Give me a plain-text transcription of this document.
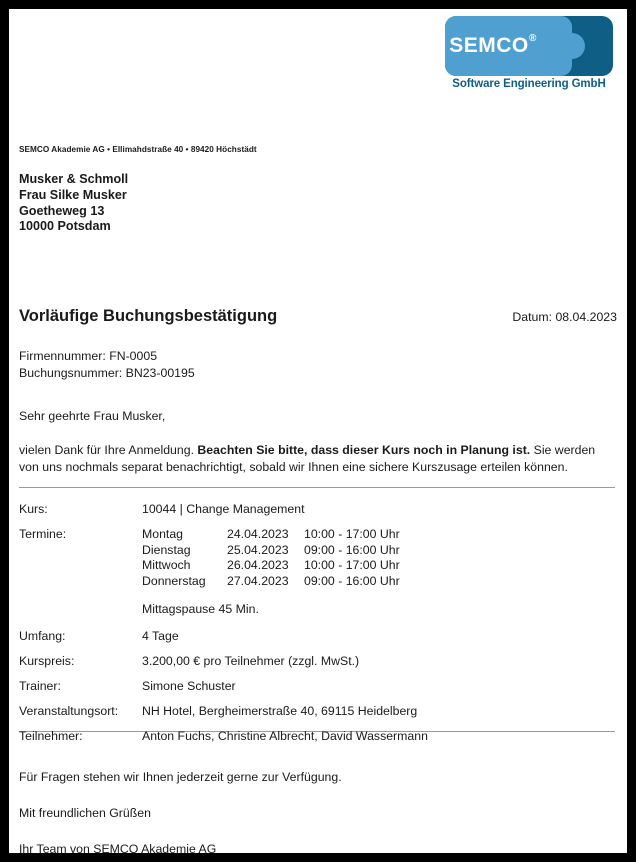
SEMCO ®
Software Engineering GmbH
SEMCO Akademie AG • Ellimahdstraße 40 • 89420 Höchstädt
Musker & Schmoll
Frau Silke Musker
Goetheweg 13
10000 Potsdam
Vorläufige Buchungsbestätigung	Datum: 08.04.2023
Firmennummer: FN-0005
Buchungsnummer: BN23-00195
Sehr geehrte Frau Musker,
vielen Dank für Ihre Anmeldung. Beachten Sie bitte, dass dieser Kurs noch in Planung ist. Sie werden von uns nochmals separat benachrichtigt, sobald wir Ihnen eine sichere Kurszusage erteilen können.
Kurs:	10044 | Change Management
Termine:	Montag	24.04.2023	10:00 - 17:00 Uhr
Dienstag	25.04.2023	09:00 - 16:00 Uhr
Mittwoch	26.04.2023	10:00 - 17:00 Uhr
Donnerstag	27.04.2023	09:00 - 16:00 Uhr
Mittagspause 45 Min.
Umfang:	4 Tage
Kurspreis:	3.200,00 € pro Teilnehmer (zzgl. MwSt.)
Trainer:	Simone Schuster
Veranstaltungsort:	NH Hotel, Bergheimerstraße 40, 69115 Heidelberg
Teilnehmer:	Anton Fuchs, Christine Albrecht, David Wassermann
Für Fragen stehen wir Ihnen jederzeit gerne zur Verfügung.
Mit freundlichen Grüßen
Ihr Team von SEMCO Akademie AG
